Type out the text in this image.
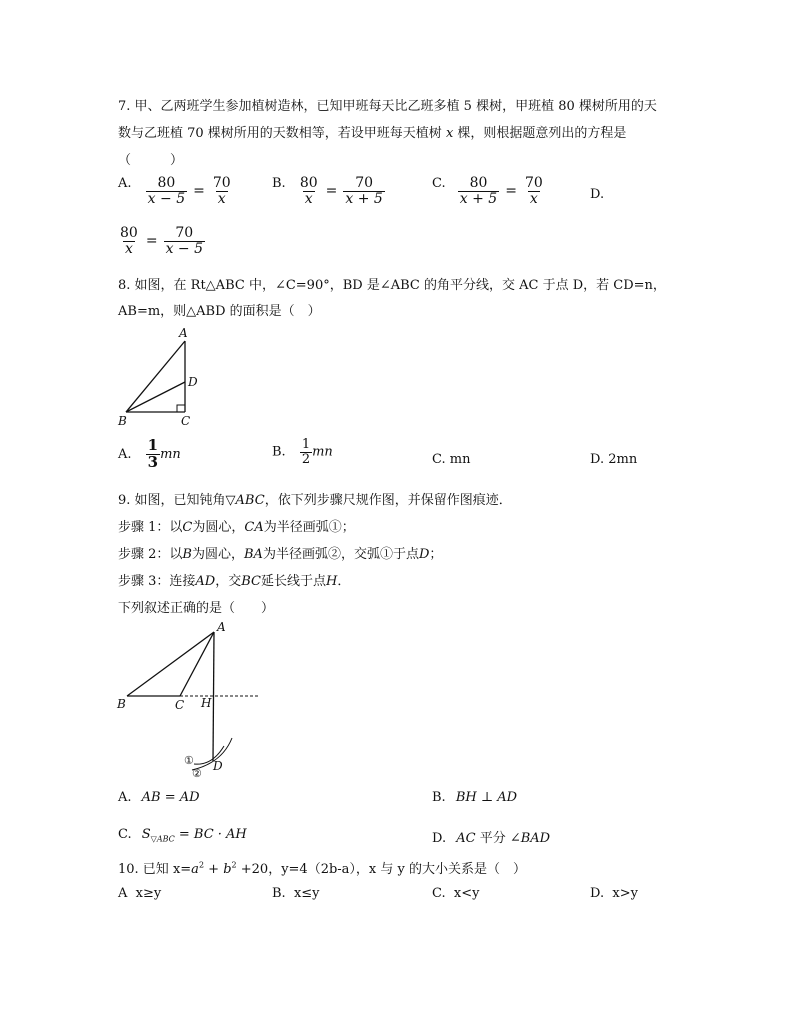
7. 甲、乙两班学生参加植树造林，已知甲班每天比乙班多植 5 棵树，甲班植 80 棵树所用的天
数与乙班植 70 棵树所用的天数相等，若设甲班每天植树 x 棵，则根据题意列出的方程是
（　　　）
A. $\frac{80}{x - 5} = \frac{70}{x}$	B. $\frac{80}{x} = \frac{70}{x + 5}$	C. $\frac{80}{x + 5} = \frac{70}{x}$	D.
$\frac{80}{x} = \frac{70}{x - 5}$
8. 如图，在 Rt△ABC 中，∠C=90°，BD 是∠ABC 的角平分线，交 AC 于点 D，若 CD=n，
AB=m，则△ABD 的面积是（　）
A
B	C
D
A. $\frac{1}{3}$ mn	B. $\frac{1}{2}$ mn	C. mn	D. 2mn
9. 如图，已知钝角▽ABC，依下列步骤尺规作图，并保留作图痕迹．
步骤 1：以C为圆心，CA为半径画弧①；
步骤 2：以B为圆心，BA为半径画弧②，交弧①于点D；
步骤 3：连接AD，交BC延长线于点H．
下列叙述正确的是（　　）
A
B	C H
D
①
②
A. AB = AD	B. BH ⊥ AD
C. $S_{▽ABC}$ = BC · AH	D. AC 平分 ∠BAD
10. 已知 $x=a^2 + b^2 +20$，y=4（2b-a），x 与 y 的大小关系是（　）
A x≥y	B. x≤y	C. x<y	D. x>y
